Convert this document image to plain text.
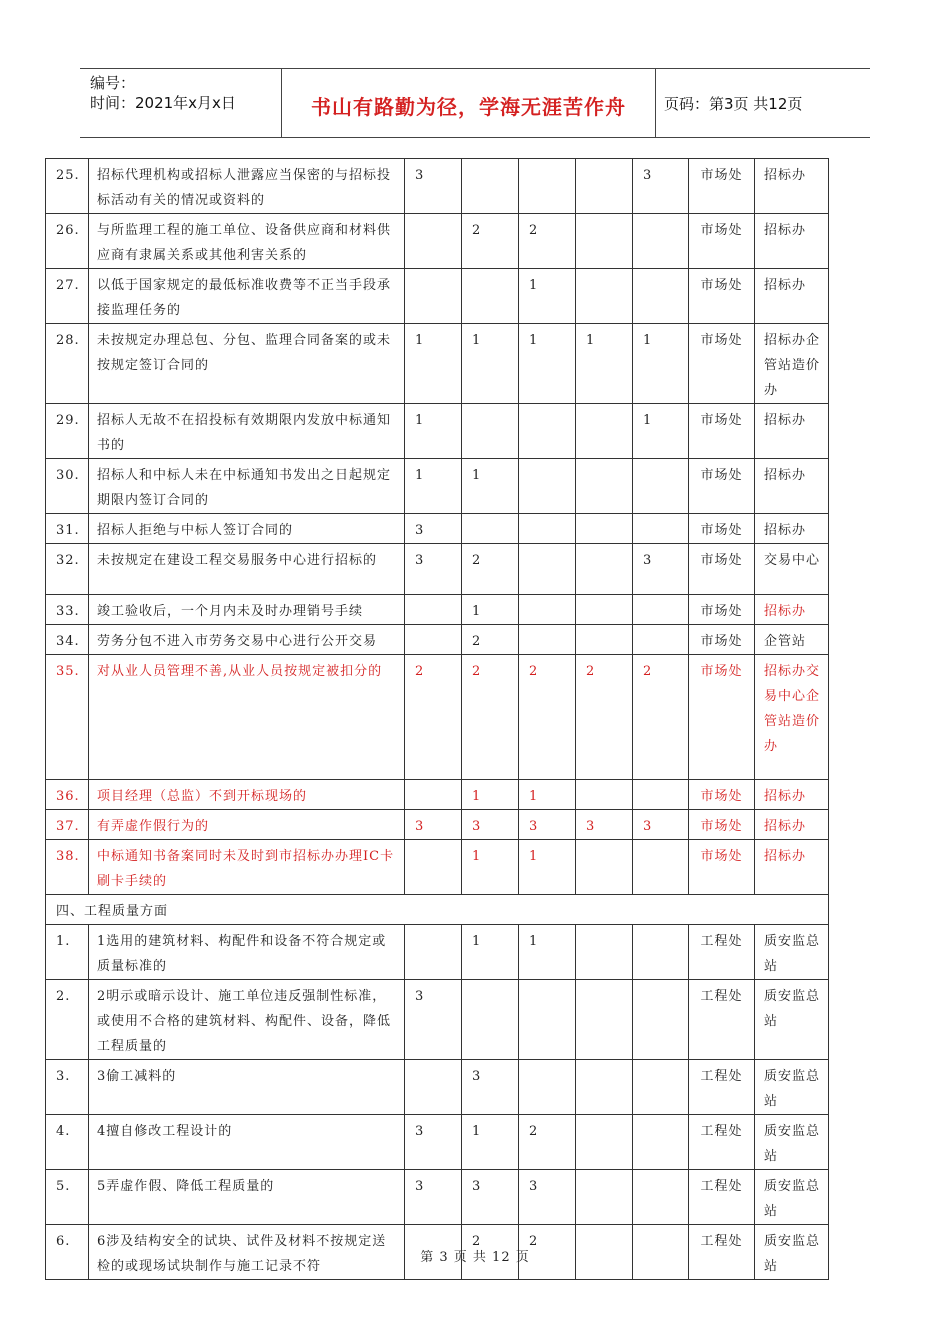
编号：
时间：2021年x月x日	书山有路勤为径，学海无涯苦作舟	页码：第3页 共12页
25.	招标代理机构或招标人泄露应当保密的与招标投标活动有关的情况或资料的	3				3	市场处	招标办
26.	与所监理工程的施工单位、设备供应商和材料供应商有隶属关系或其他利害关系的		2	2			市场处	招标办
27.	以低于国家规定的最低标准收费等不正当手段承接监理任务的			1			市场处	招标办
28.	未按规定办理总包、分包、监理合同备案的或未按规定签订合同的	1	1	1	1	1	市场处	招标办企管站造价办
29.	招标人无故不在招投标有效期限内发放中标通知书的	1				1	市场处	招标办
30.	招标人和中标人未在中标通知书发出之日起规定期限内签订合同的	1	1				市场处	招标办
31.	招标人拒绝与中标人签订合同的	3					市场处	招标办
32.	未按规定在建设工程交易服务中心进行招标的	3	2			3	市场处	交易中心
33.	竣工验收后，一个月内未及时办理销号手续		1				市场处	招标办
34.	劳务分包不进入市劳务交易中心进行公开交易		2				市场处	企管站
35.	对从业人员管理不善,从业人员按规定被扣分的	2	2	2	2	2	市场处	招标办交易中心企管站造价办
36.	项目经理（总监）不到开标现场的		1	1			市场处	招标办
37.	有弄虚作假行为的	3	3	3	3	3	市场处	招标办
38.	中标通知书备案同时未及时到市招标办办理IC卡刷卡手续的		1	1			市场处	招标办
四、工程质量方面								
1.	1选用的建筑材料、构配件和设备不符合规定或质量标准的		1	1			工程处	质安监总站
2.	2明示或暗示设计、施工单位违反强制性标准，或使用不合格的建筑材料、构配件、设备，降低工程质量的	3					工程处	质安监总站
3.	3偷工减料的		3				工程处	质安监总站
4.	4擅自修改工程设计的	3	1	2			工程处	质安监总站
5.	5弄虚作假、降低工程质量的	3	3	3			工程处	质安监总站
6.	6涉及结构安全的试块、试件及材料不按规定送检的或现场试块制作与施工记录不符		2	2			工程处	质安监总站
第 3 页 共 12 页
